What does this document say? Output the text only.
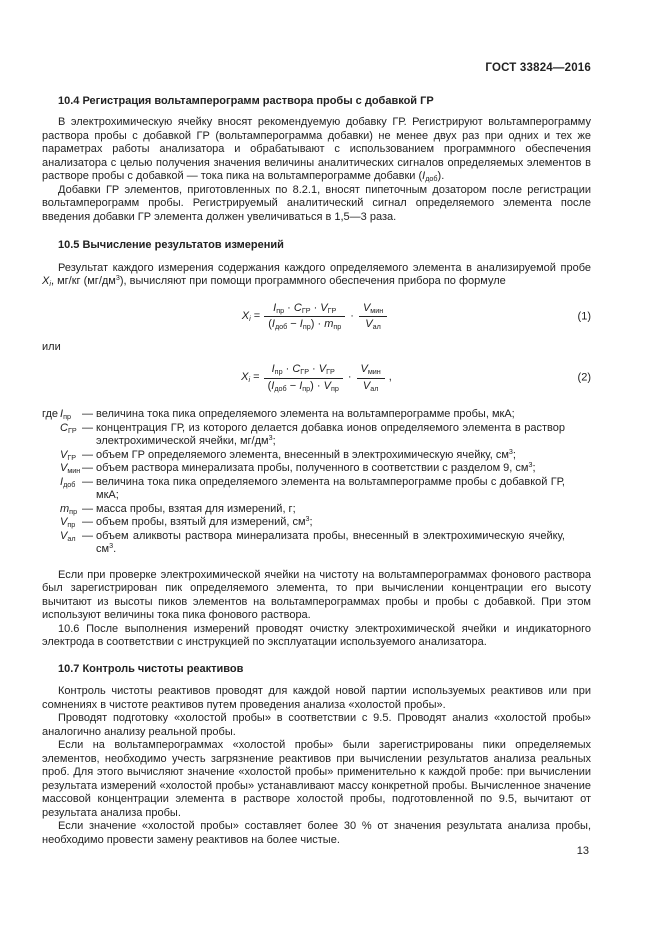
ГОСТ 33824—2016
10.4 Регистрация вольтамперограмм раствора пробы с добавкой ГР
В электрохимическую ячейку вносят рекомендуемую добавку ГР. Регистрируют вольтамперограмму раствора пробы с добавкой ГР (вольтамперограмма добавки) не менее двух раз при одних и тех же параметрах работы анализатора и обрабатывают с использованием программного обеспечения анализатора с целью получения значения величины аналитических сигналов определяемых элементов в растворе пробы с добавкой — тока пика на вольтамперограмме добавки $(I_{доб})$.
Добавки ГР элементов, приготовленных по 8.2.1, вносят пипеточным дозатором после регистрации вольтамперограмм пробы. Регистрируемый аналитический сигнал определяемого элемента после введения добавки ГР элемента должен увеличиваться в 1,5—3 раза.
10.5 Вычисление результатов измерений
Результат каждого измерения содержания каждого определяемого элемента в анализируемой пробе $X_i$, мг/кг $(мг/дм^3)$, вычисляют при помощи программного обеспечения прибора по формуле
$X_i = \frac{I_{пр} \cdot C_{ГР} \cdot V_{ГР}}{(I_{доб} - I_{пр}) \cdot m_{пр}} \cdot \frac{V_{мин}}{V_{ал}}$	(1)
или
$X_i = \frac{I_{пр} \cdot C_{ГР} \cdot V_{ГР}}{(I_{доб} - I_{пр}) \cdot V_{пр}} \cdot \frac{V_{мин}}{V_{ал}}$ ,	(2)
где $I_{пр}$	— величина тока пика определяемого элемента на вольтамперограмме пробы, мкА;
$C_{ГР}$ — концентрация ГР, из которого делается добавка ионов определяемого элемента в раствор электрохимической ячейки, $мг/дм^3$;
$V_{ГР}$ — объем ГР определяемого элемента, внесенный в электрохимическую ячейку, $см^3$;
$V_{мин}$ — объем раствора минерализата пробы, полученного в соответствии с разделом 9, $см^3$;
$I_{доб}$ — величина тока пика определяемого элемента на вольтамперограмме пробы с добавкой ГР, мкА;
$m_{пр}$ — масса пробы, взятая для измерений, г;
$V_{пр}$ — объем пробы, взятый для измерений, $см^3$;
$V_{ал}$ — объем аликвоты раствора минерализата пробы, внесенный в электрохимическую ячейку, $см^3$.
Если при проверке электрохимической ячейки на чистоту на вольтамперограммах фонового раствора был зарегистрирован пик определяемого элемента, то при вычислении концентрации его высоту вычитают из высоты пиков элементов на вольтамперограммах пробы и пробы с добавкой. При этом используют величины тока пика фонового раствора.
10.6 После выполнения измерений проводят очистку электрохимической ячейки и индикаторного электрода в соответствии с инструкцией по эксплуатации используемого анализатора.
10.7 Контроль чистоты реактивов
Контроль чистоты реактивов проводят для каждой новой партии используемых реактивов или при сомнениях в чистоте реактивов путем проведения анализа «холостой пробы».
Проводят подготовку «холостой пробы» в соответствии с 9.5. Проводят анализ «холостой пробы» аналогично анализу реальной пробы.
Если на вольтамперограммах «холостой пробы» были зарегистрированы пики определяемых элементов, необходимо учесть загрязнение реактивов при вычислении результатов анализа реальных проб. Для этого вычисляют значение «холостой пробы» применительно к каждой пробе: при вычислении результата измерений «холостой пробы» устанавливают массу конкретной пробы. Вычисленное значение массовой концентрации элемента в растворе холостой пробы, подготовленной по 9.5, вычитают от результата анализа пробы.
Если значение «холостой пробы» составляет более 30 % от значения результата анализа пробы, необходимо провести замену реактивов на более чистые.
13
